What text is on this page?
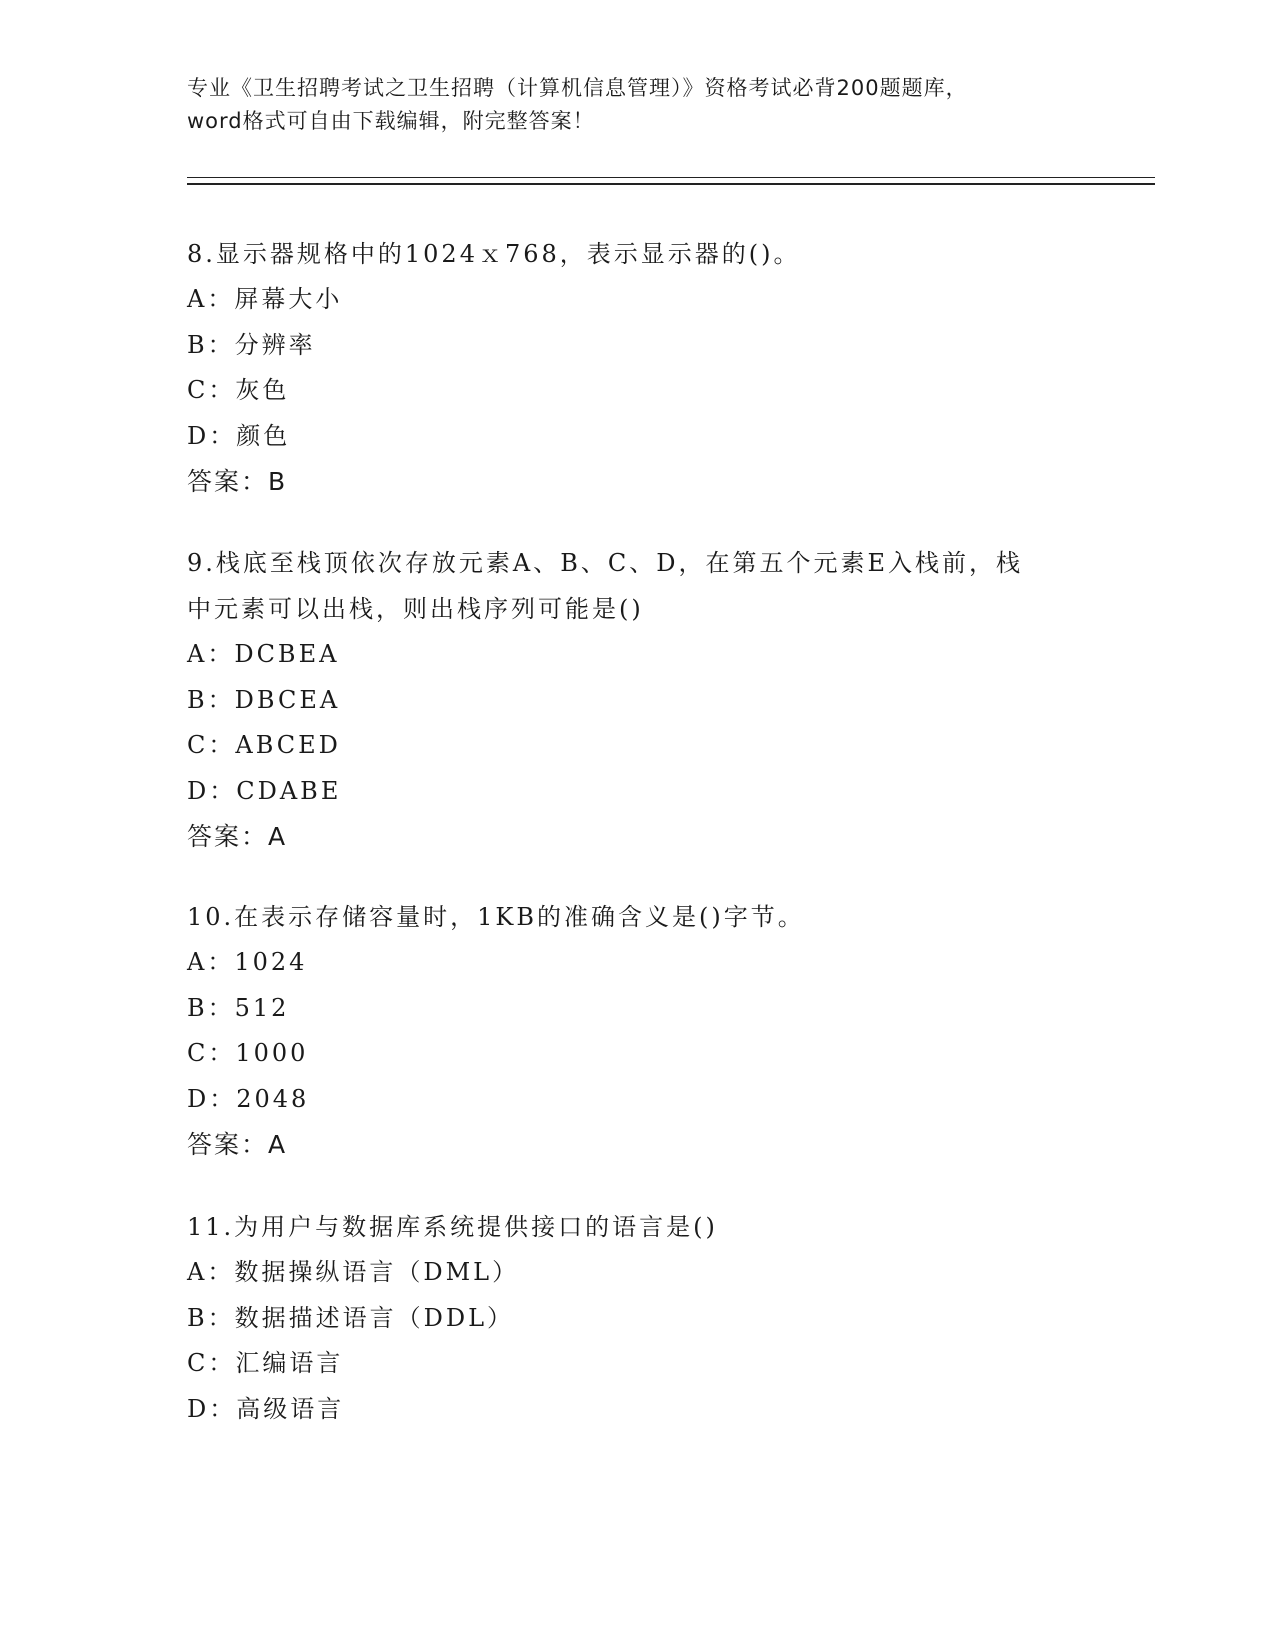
专业《卫生招聘考试之卫生招聘（计算机信息管理）》资格考试必背200题题库，
word格式可自由下载编辑，附完整答案！
8.显示器规格中的1024ｘ768，表示显示器的()。
A：屏幕大小
B：分辨率
C：灰色
D：颜色
答案：B
9.栈底至栈顶依次存放元素A、B、C、D，在第五个元素E入栈前，栈
中元素可以出栈，则出栈序列可能是()
A：DCBEA
B：DBCEA
C：ABCED
D：CDABE
答案：A
10.在表示存储容量时，1KB的准确含义是()字节。
A：1024
B：512
C：1000
D：2048
答案：A
11.为用户与数据库系统提供接口的语言是()
A：数据操纵语言（DML）
B：数据描述语言（DDL）
C：汇编语言
D：高级语言
